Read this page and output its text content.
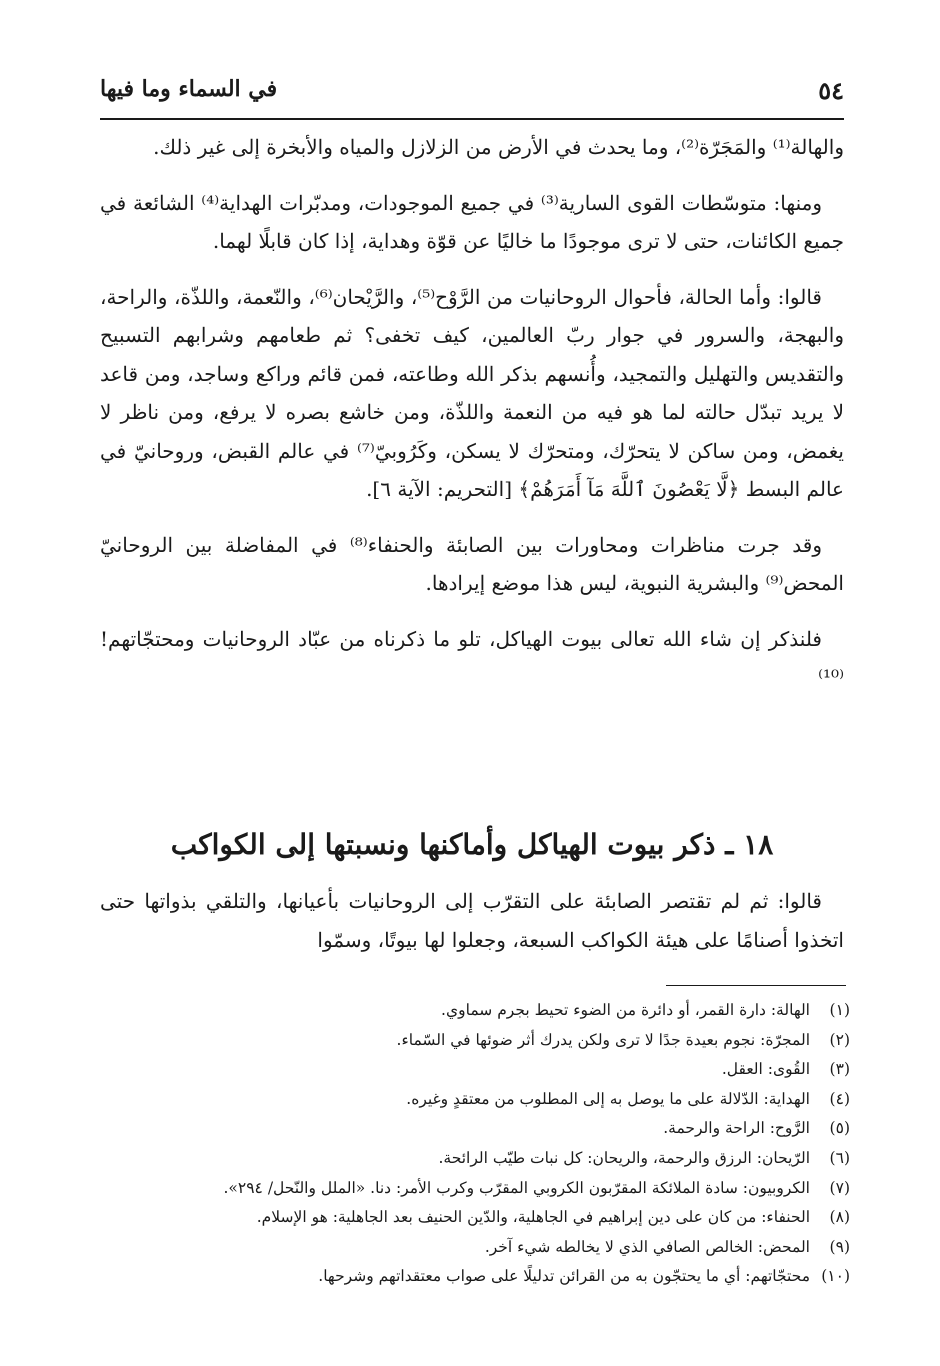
٥٤
في السماء وما فيها

والهالة⁽¹⁾ والمَجَرّة⁽²⁾، وما يحدث في الأرض من الزلازل والمياه والأبخرة إلى غير ذلك.

ومنها: متوسّطات القوى السارية⁽³⁾ في جميع الموجودات، ومدبّرات الهداية⁽⁴⁾ الشائعة في جميع الكائنات، حتى لا ترى موجودًا ما خاليًا عن قوّة وهداية، إذا كان قابلًا لهما.

قالوا: وأما الحالة، فأحوال الروحانيات من الرَّوْح⁽⁵⁾، والرَّيْحان⁽⁶⁾، والنّعمة، واللذّة، والراحة، والبهجة، والسرور في جوار ربّ العالمين، كيف تخفى؟ ثم طعامهم وشرابهم التسبيح والتقديس والتهليل والتمجيد، وأُنسهم بذكر الله وطاعته، فمن قائم وراكع وساجد، ومن قاعد لا يريد تبدّل حالته لما هو فيه من النعمة واللذّة، ومن خاشع بصره لا يرفع، ومن ناظر لا يغمض، ومن ساكن لا يتحرّك، ومتحرّك لا يسكن، وكَرُوبيّ⁽⁷⁾ في عالم القبض، وروحانيّ في عالم البسط ﴿لَّا يَعْصُونَ ٱللَّهَ مَآ أَمَرَهُمْ﴾ [التحريم: الآية ٦].

وقد جرت مناظرات ومحاورات بين الصابئة والحنفاء⁽⁸⁾ في المفاضلة بين الروحانيّ المحض⁽⁹⁾ والبشرية النبوية، ليس هذا موضع إيرادها.

فلنذكر إن شاء الله تعالى بيوت الهياكل، تلو ما ذكرناه من عبّاد الروحانيات ومحتجّاتهم!⁽¹⁰⁾

١٨ ـ ذكر بيوت الهياكل وأماكنها ونسبتها إلى الكواكب

قالوا: ثم لم تقتصر الصابئة على التقرّب إلى الروحانيات بأعيانها، والتلقي بذواتها حتى اتخذوا أصنامًا على هيئة الكواكب السبعة، وجعلوا لها بيوتًا، وسمّوا

(١)
الهالة: دارة القمر، أو دائرة من الضوء تحيط بجرم سماوي.
(٢)
المجرّة: نجوم بعيدة جدًا لا ترى ولكن يدرك أثر ضوئها في السّماء.
(٣)
القُوى: العقل.
(٤)
الهداية: الدّلالة على ما يوصل به إلى المطلوب من معتقدٍ وغيره.
(٥)
الرَّوح: الراحة والرحمة.
(٦)
الرّيحان: الرزق والرحمة، والريحان: كل نبات طيّب الرائحة.
(٧)
الكروبيون: سادة الملائكة المقرّبون الكروبي المقرّب وكرب الأمر: دنا. «الملل والنّحل/ ٢٩٤».
(٨)
الحنفاء: من كان على دين إبراهيم في الجاهلية، والدّين الحنيف بعد الجاهلية: هو الإسلام.
(٩)
المحض: الخالص الصافي الذي لا يخالطه شيء آخر.
(١٠)
محتجّاتهم: أي ما يحتجّون به من القرائن تدليلًا على صواب معتقداتهم وشرحها.
